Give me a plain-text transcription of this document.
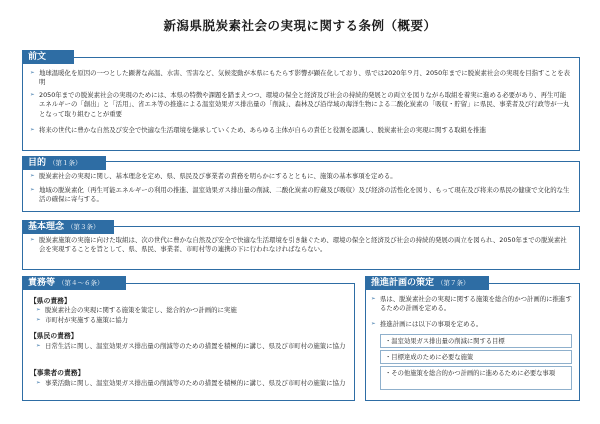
新潟県脱炭素社会の実現に関する条例（概要）
前文
➢ 地球温暖化を原因の一つとした顕著な高温、水害、雪害など、気候変動が本県にもたらす影響が顕在化しており、県では2020年９月、2050年までに脱炭素社会の実現を目指すことを表明
➢ 2050年までの脱炭素社会の実現のためには、本県の特徴や課題を踏まえつつ、環境の保全と経済及び社会の持続的発展との両立を図りながら取組を着実に進める必要があり、再生可能エネルギーの「創出」と「活用」、省エネ等の推進による温室効果ガス排出量の「削減」、森林及び沿岸域の海洋生物による二酸化炭素の「吸収・貯留」に県民、事業者及び行政等が一丸となって取り組むことが重要
➢ 将来の世代に豊かな自然及び安全で快適な生活環境を継承していくため、あらゆる主体が自らの責任と役割を認識し、脱炭素社会の実現に関する取組を推進
目的 （第１条）
➢ 脱炭素社会の実現に関し、基本理念を定め、県、県民及び事業者の責務を明らかにするとともに、施策の基本事項を定める。
➢ 地域の脱炭素化（再生可能エネルギーの利用の推進、温室効果ガス排出量の削減、二酸化炭素の貯蔵及び吸収）及び経済の活性化を図り、もって現在及び将来の県民の健康で文化的な生活の確保に寄与する。
基本理念 （第３条）
➢ 脱炭素施策の実施に向けた取組は、次の世代に豊かな自然及び安全で快適な生活環境を引き継ぐため、環境の保全と経済及び社会の持続的発展の両立を図られ、2050年までの脱炭素社会を実現することを旨として、県、県民、事業者、市町村等の連携の下に行われなければならない。
責務等 （第４～６条）
【県の責務】
➢ 脱炭素社会の実現に関する施策を策定し、総合的かつ計画的に実施
➢ 市町村が実施する施策に協力
【県民の責務】
➢ 日常生活に関し、温室効果ガス排出量の削減等のための措置を積極的に講じ、県及び市町村の施策に協力
【事業者の責務】
➢ 事業活動に関し、温室効果ガス排出量の削減等のための措置を積極的に講じ、県及び市町村の施策に協力
推進計画の策定 （第７条）
➢ 県は、脱炭素社会の実現に関する施策を総合的かつ計画的に推進するための計画を定める。
➢ 推進計画には以下の事項を定める。
・温室効果ガス排出量の削減に関する目標
・目標達成のために必要な施策
・その他施策を総合的かつ計画的に進めるために必要な事項
